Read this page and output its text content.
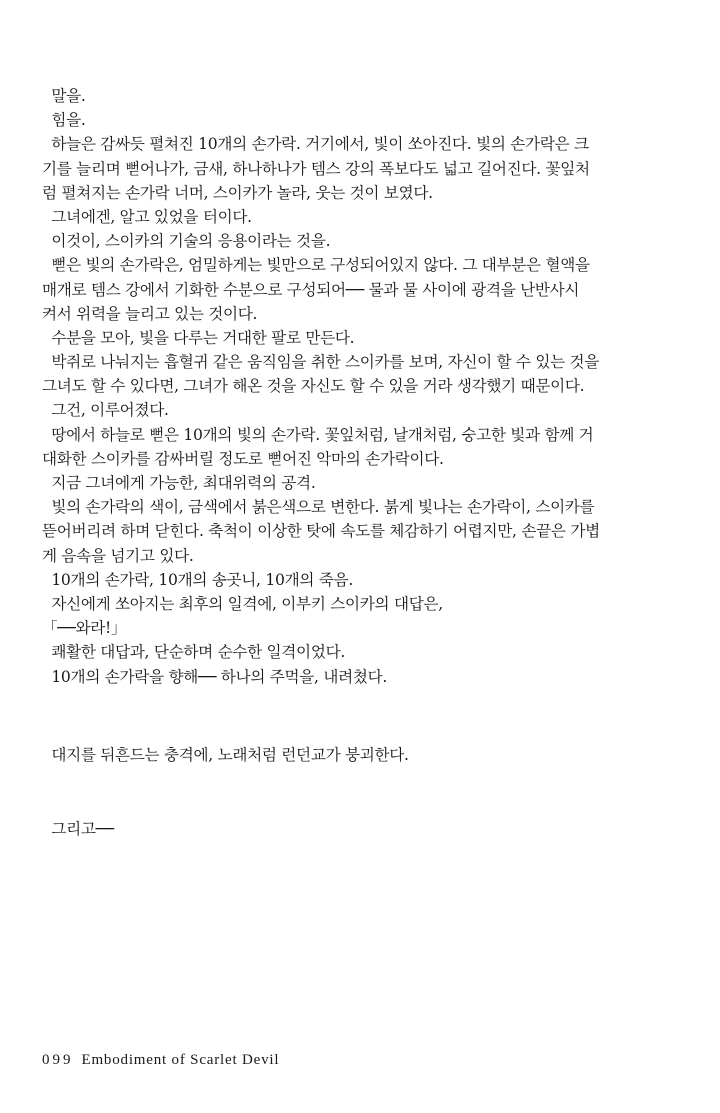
말을.
힘을.
하늘은 감싸듯 펼쳐진 10개의 손가락. 거기에서, 빛이 쏘아진다. 빛의 손가락은 크
기를 늘리며 뻗어나가, 금새, 하나하나가 템스 강의 폭보다도 넓고 길어진다. 꽃잎처
럼 펼쳐지는 손가락 너머, 스이카가 놀라, 웃는 것이 보였다.
그녀에겐, 알고 있었을 터이다.
이것이, 스이카의 기술의 응용이라는 것을.
뻗은 빛의 손가락은, 엄밀하게는 빛만으로 구성되어있지 않다. 그 대부분은 혈액을
매개로 템스 강에서 기화한 수분으로 구성되어── 물과 물 사이에 광격을 난반사시
켜서 위력을 늘리고 있는 것이다.
수분을 모아, 빛을 다루는 거대한 팔로 만든다.
박쥐로 나눠지는 흡혈귀 같은 움직임을 취한 스이카를 보며, 자신이 할 수 있는 것을
그녀도 할 수 있다면, 그녀가 해온 것을 자신도 할 수 있을 거라 생각했기 때문이다.
그건, 이루어졌다.
땅에서 하늘로 뻗은 10개의 빛의 손가락. 꽃잎처럼, 날개처럼, 숭고한 빛과 함께 거
대화한 스이카를 감싸버릴 정도로 뻗어진 악마의 손가락이다.
지금 그녀에게 가능한, 최대위력의 공격.
빛의 손가락의 색이, 금색에서 붉은색으로 변한다. 붉게 빛나는 손가락이, 스이카를
뜯어버리려 하며 닫힌다. 축척이 이상한 탓에 속도를 체감하기 어렵지만, 손끝은 가볍
게 음속을 넘기고 있다.
10개의 손가락, 10개의 송곳니, 10개의 죽음.
자신에게 쏘아지는 최후의 일격에, 이부키 스이카의 대답은,
「──와라!」
쾌활한 대답과, 단순하며 순수한 일격이었다.
10개의 손가락을 향해── 하나의 주먹을, 내려쳤다.
대지를 뒤흔드는 충격에, 노래처럼 런던교가 붕괴한다.
그리고──
099 Embodiment of Scarlet Devil
